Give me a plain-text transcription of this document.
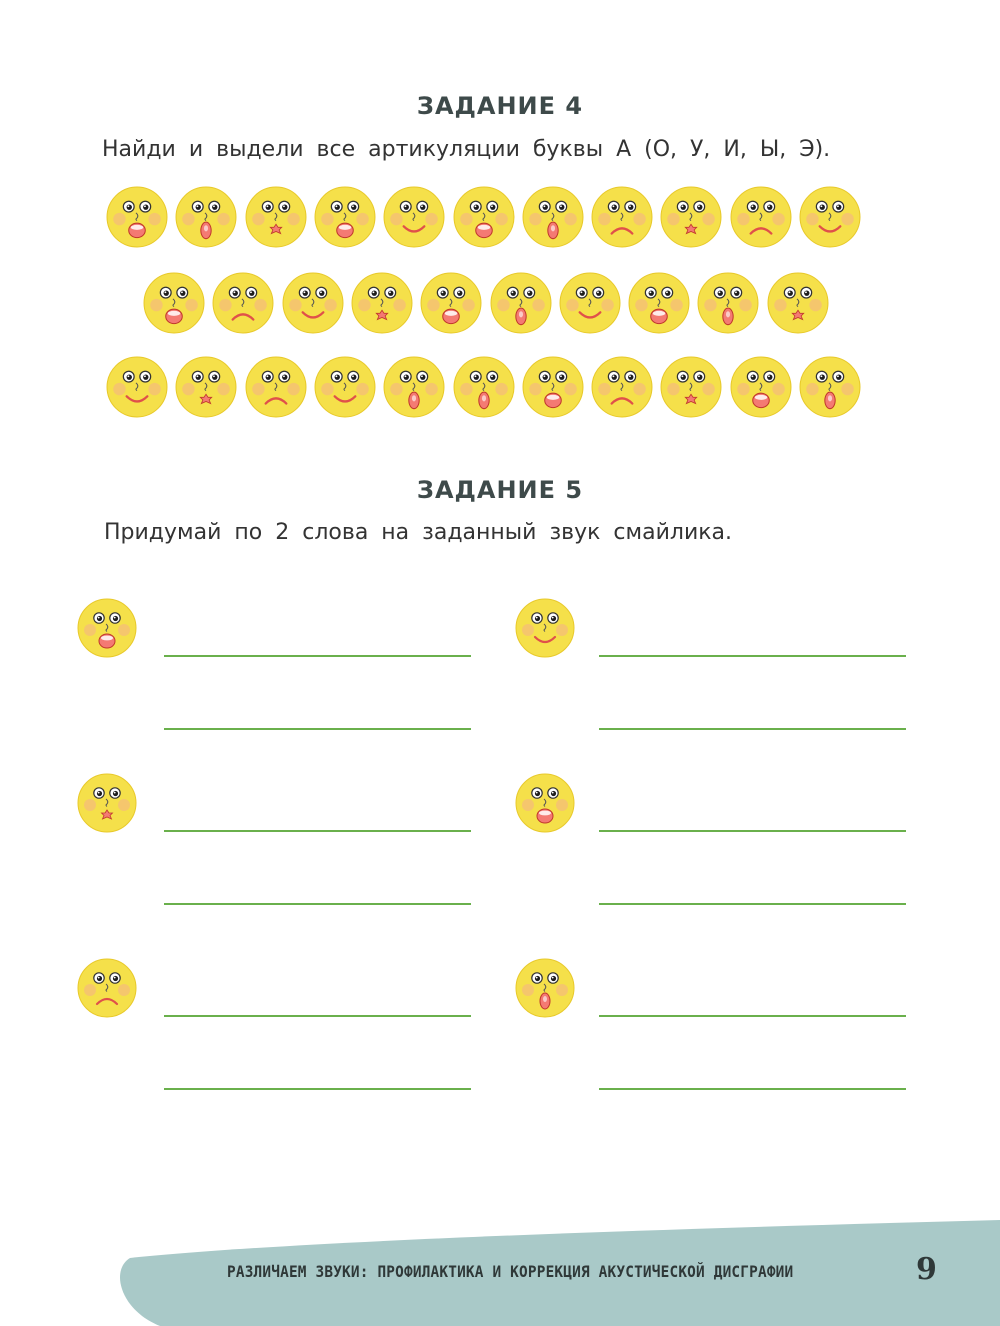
ЗАДАНИЕ 4
Найди и выдели все артикуляции буквы А (О, У, И, Ы, Э).
ЗАДАНИЕ 5
Придумай по 2 слова на заданный звук смайлика.
РАЗЛИЧАЕМ ЗВУКИ: ПРОФИЛАКТИКА И КОРРЕКЦИЯ АКУСТИЧЕСКОЙ ДИСГРАФИИ	9
